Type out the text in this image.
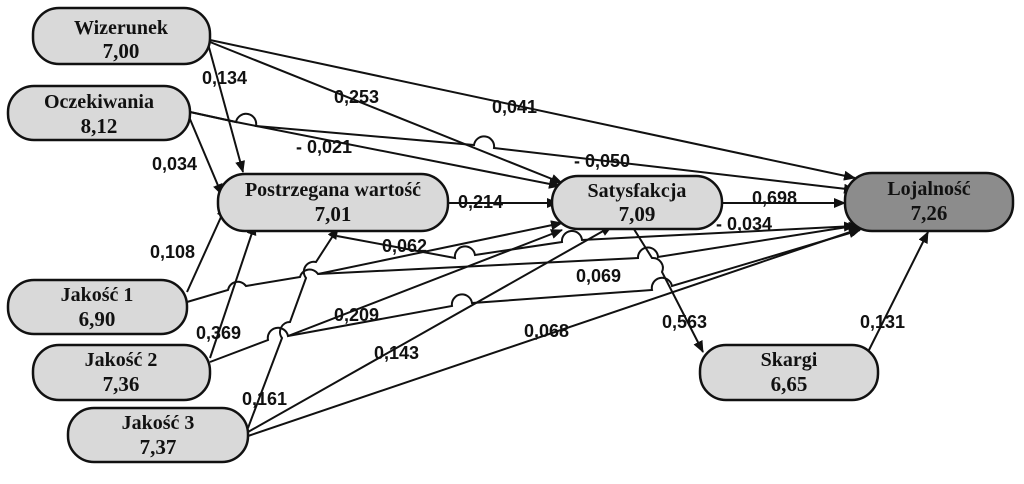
0,134
0,253	0,041
0,034
- 0,021
- 0,050
0,214	0,698
- 0,034
0,108	0,062
0,069
0,369
0,209
0,161
0,143
0,068	0,563	0,131
Wizerunek
7,00
Oczekiwania
8,12
Postrzegana wartość
7,01
Satysfakcja
7,09
Lojalność
7,26
Jakość 1
6,90
Jakość 2
7,36
Jakość 3
7,37
Skargi
6,65
